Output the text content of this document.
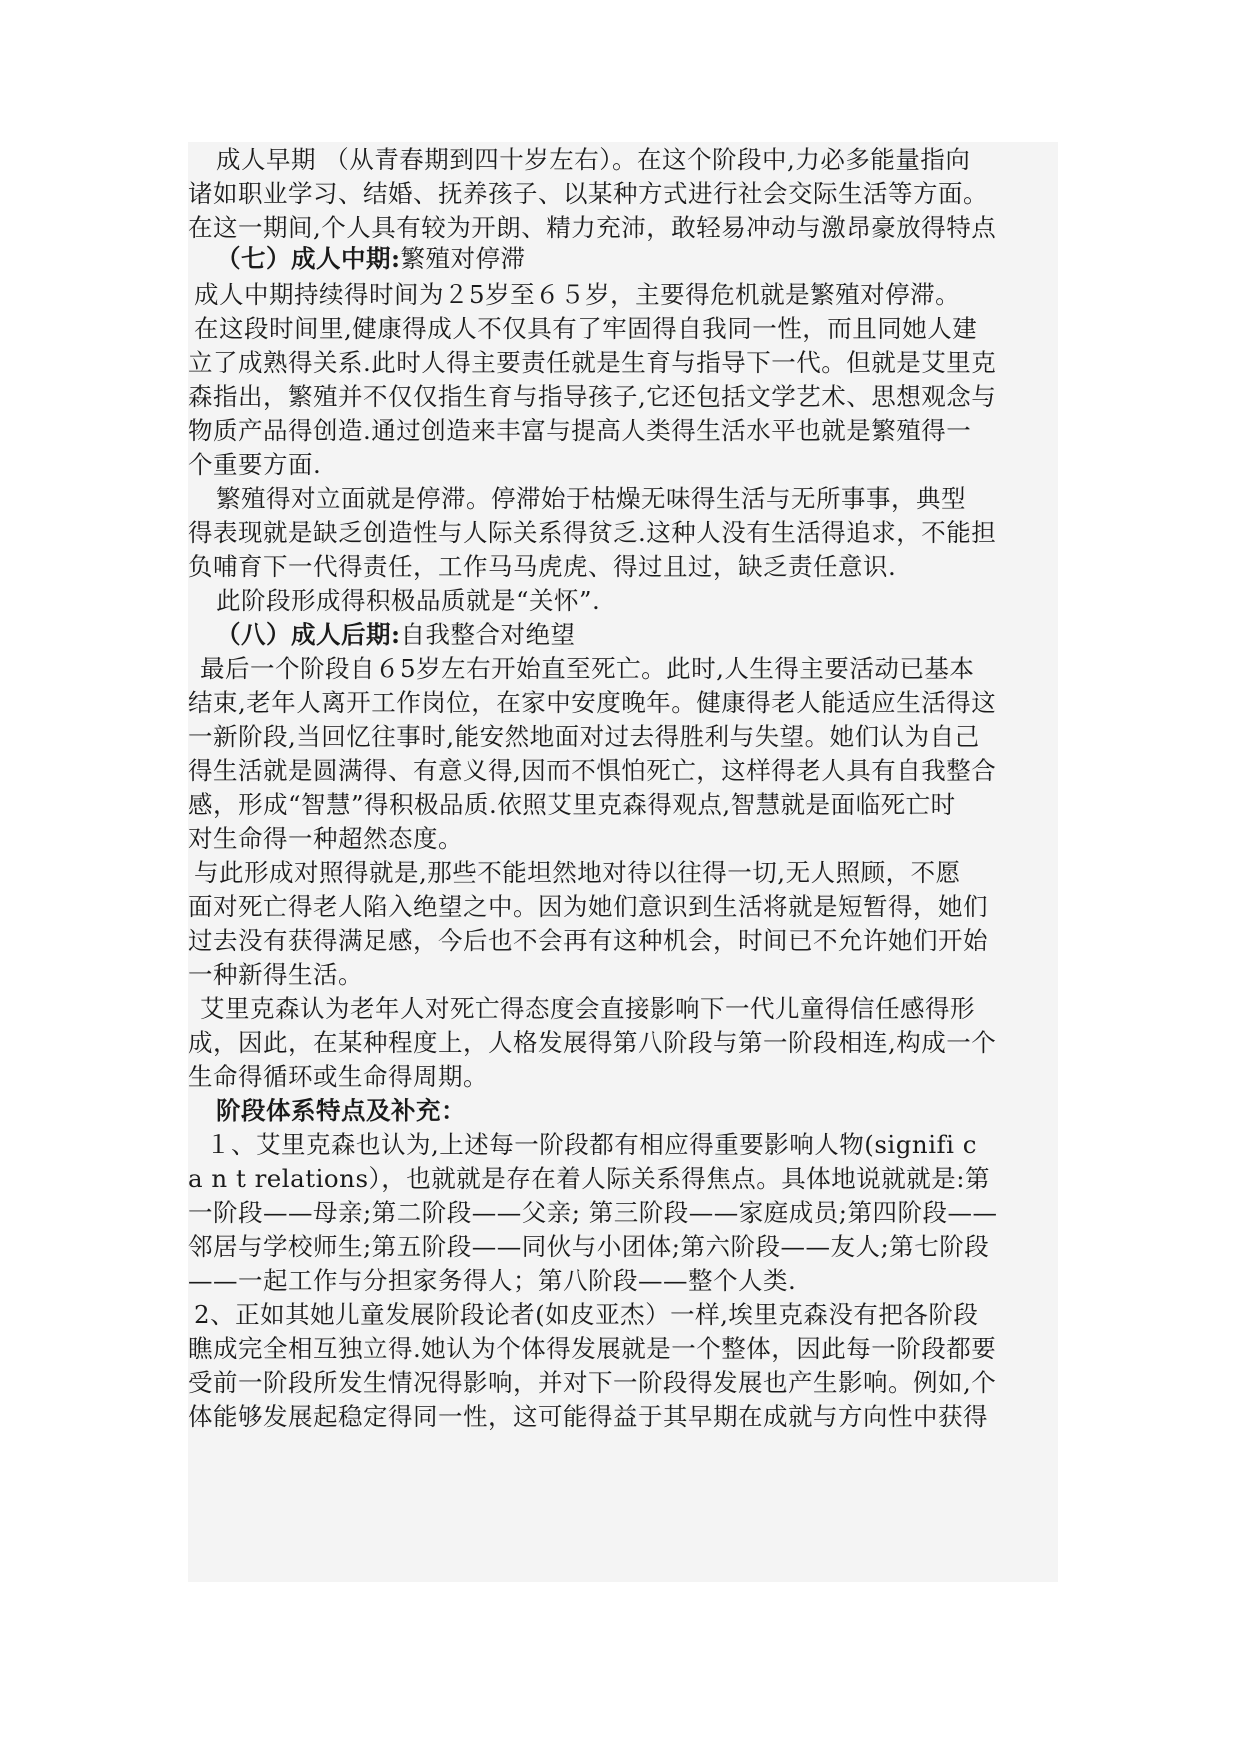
成人早期 （从青春期到四十岁左右）。在这个阶段中,力必多能量指向
诸如职业学习、结婚、抚养孩子、以某种方式进行社会交际生活等方面。
在这一期间,个人具有较为开朗、精力充沛，敢轻易冲动与激昂豪放得特点
（七）成人中期:繁殖对停滞
成人中期持续得时间为２5岁至６５岁，主要得危机就是繁殖对停滞。
在这段时间里,健康得成人不仅具有了牢固得自我同一性，而且同她人建
立了成熟得关系.此时人得主要责任就是生育与指导下一代。但就是艾里克
森指出，繁殖并不仅仅指生育与指导孩子,它还包括文学艺术、思想观念与
物质产品得创造.通过创造来丰富与提高人类得生活水平也就是繁殖得一
个重要方面.
繁殖得对立面就是停滞。停滞始于枯燥无味得生活与无所事事，典型
得表现就是缺乏创造性与人际关系得贫乏.这种人没有生活得追求，不能担
负哺育下一代得责任，工作马马虎虎、得过且过，缺乏责任意识.
此阶段形成得积极品质就是“关怀”.
（八）成人后期:自我整合对绝望
最后一个阶段自６5岁左右开始直至死亡。此时,人生得主要活动已基本
结束,老年人离开工作岗位，在家中安度晚年。健康得老人能适应生活得这
一新阶段,当回忆往事时,能安然地面对过去得胜利与失望。她们认为自己
得生活就是圆满得、有意义得,因而不惧怕死亡，这样得老人具有自我整合
感，形成“智慧”得积极品质.依照艾里克森得观点,智慧就是面临死亡时
对生命得一种超然态度。
与此形成对照得就是,那些不能坦然地对待以往得一切,无人照顾，不愿
面对死亡得老人陷入绝望之中。因为她们意识到生活将就是短暂得，她们
过去没有获得满足感，今后也不会再有这种机会，时间已不允许她们开始
一种新得生活。
艾里克森认为老年人对死亡得态度会直接影响下一代儿童得信任感得形
成，因此，在某种程度上，人格发展得第八阶段与第一阶段相连,构成一个
生命得循环或生命得周期。
阶段体系特点及补充：
１、艾里克森也认为,上述每一阶段都有相应得重要影响人物(signifi c
a n t relations），也就就是存在着人际关系得焦点。具体地说就就是:第
一阶段——母亲;第二阶段——父亲; 第三阶段——家庭成员;第四阶段——
邻居与学校师生;第五阶段——同伙与小团体;第六阶段——友人;第七阶段
——一起工作与分担家务得人；第八阶段——整个人类.
2、正如其她儿童发展阶段论者(如皮亚杰）一样,埃里克森没有把各阶段
瞧成完全相互独立得.她认为个体得发展就是一个整体，因此每一阶段都要
受前一阶段所发生情况得影响，并对下一阶段得发展也产生影响。例如,个
体能够发展起稳定得同一性，这可能得益于其早期在成就与方向性中获得
